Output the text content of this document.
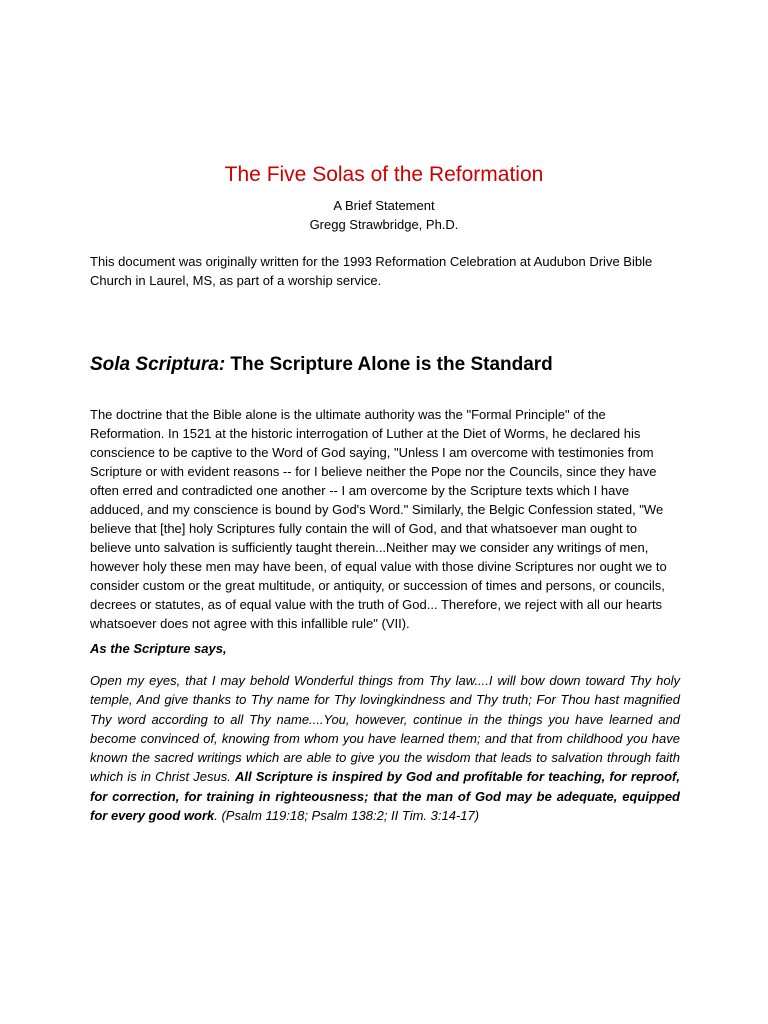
The Five Solas of the Reformation
A Brief Statement
Gregg Strawbridge, Ph.D.
This document was originally written for the 1993 Reformation Celebration at Audubon Drive Bible Church in Laurel, MS, as part of a worship service.
Sola Scriptura: The Scripture Alone is the Standard
The doctrine that the Bible alone is the ultimate authority was the "Formal Principle" of the Reformation. In 1521 at the historic interrogation of Luther at the Diet of Worms, he declared his conscience to be captive to the Word of God saying, "Unless I am overcome with testimonies from Scripture or with evident reasons -- for I believe neither the Pope nor the Councils, since they have often erred and contradicted one another -- I am overcome by the Scripture texts which I have adduced, and my conscience is bound by God's Word." Similarly, the Belgic Confession stated, "We believe that [the] holy Scriptures fully contain the will of God, and that whatsoever man ought to believe unto salvation is sufficiently taught therein...Neither may we consider any writings of men, however holy these men may have been, of equal value with those divine Scriptures nor ought we to consider custom or the great multitude, or antiquity, or succession of times and persons, or councils, decrees or statutes, as of equal value with the truth of God... Therefore, we reject with all our hearts whatsoever does not agree with this infallible rule" (VII).
As the Scripture says,
Open my eyes, that I may behold Wonderful things from Thy law....I will bow down toward Thy holy temple, And give thanks to Thy name for Thy lovingkindness and Thy truth; For Thou hast magnified Thy word according to all Thy name....You, however, continue in the things you have learned and become convinced of, knowing from whom you have learned them; and that from childhood you have known the sacred writings which are able to give you the wisdom that leads to salvation through faith which is in Christ Jesus. All Scripture is inspired by God and profitable for teaching, for reproof, for correction, for training in righteousness; that the man of God may be adequate, equipped for every good work. (Psalm 119:18; Psalm 138:2; II Tim. 3:14-17)
